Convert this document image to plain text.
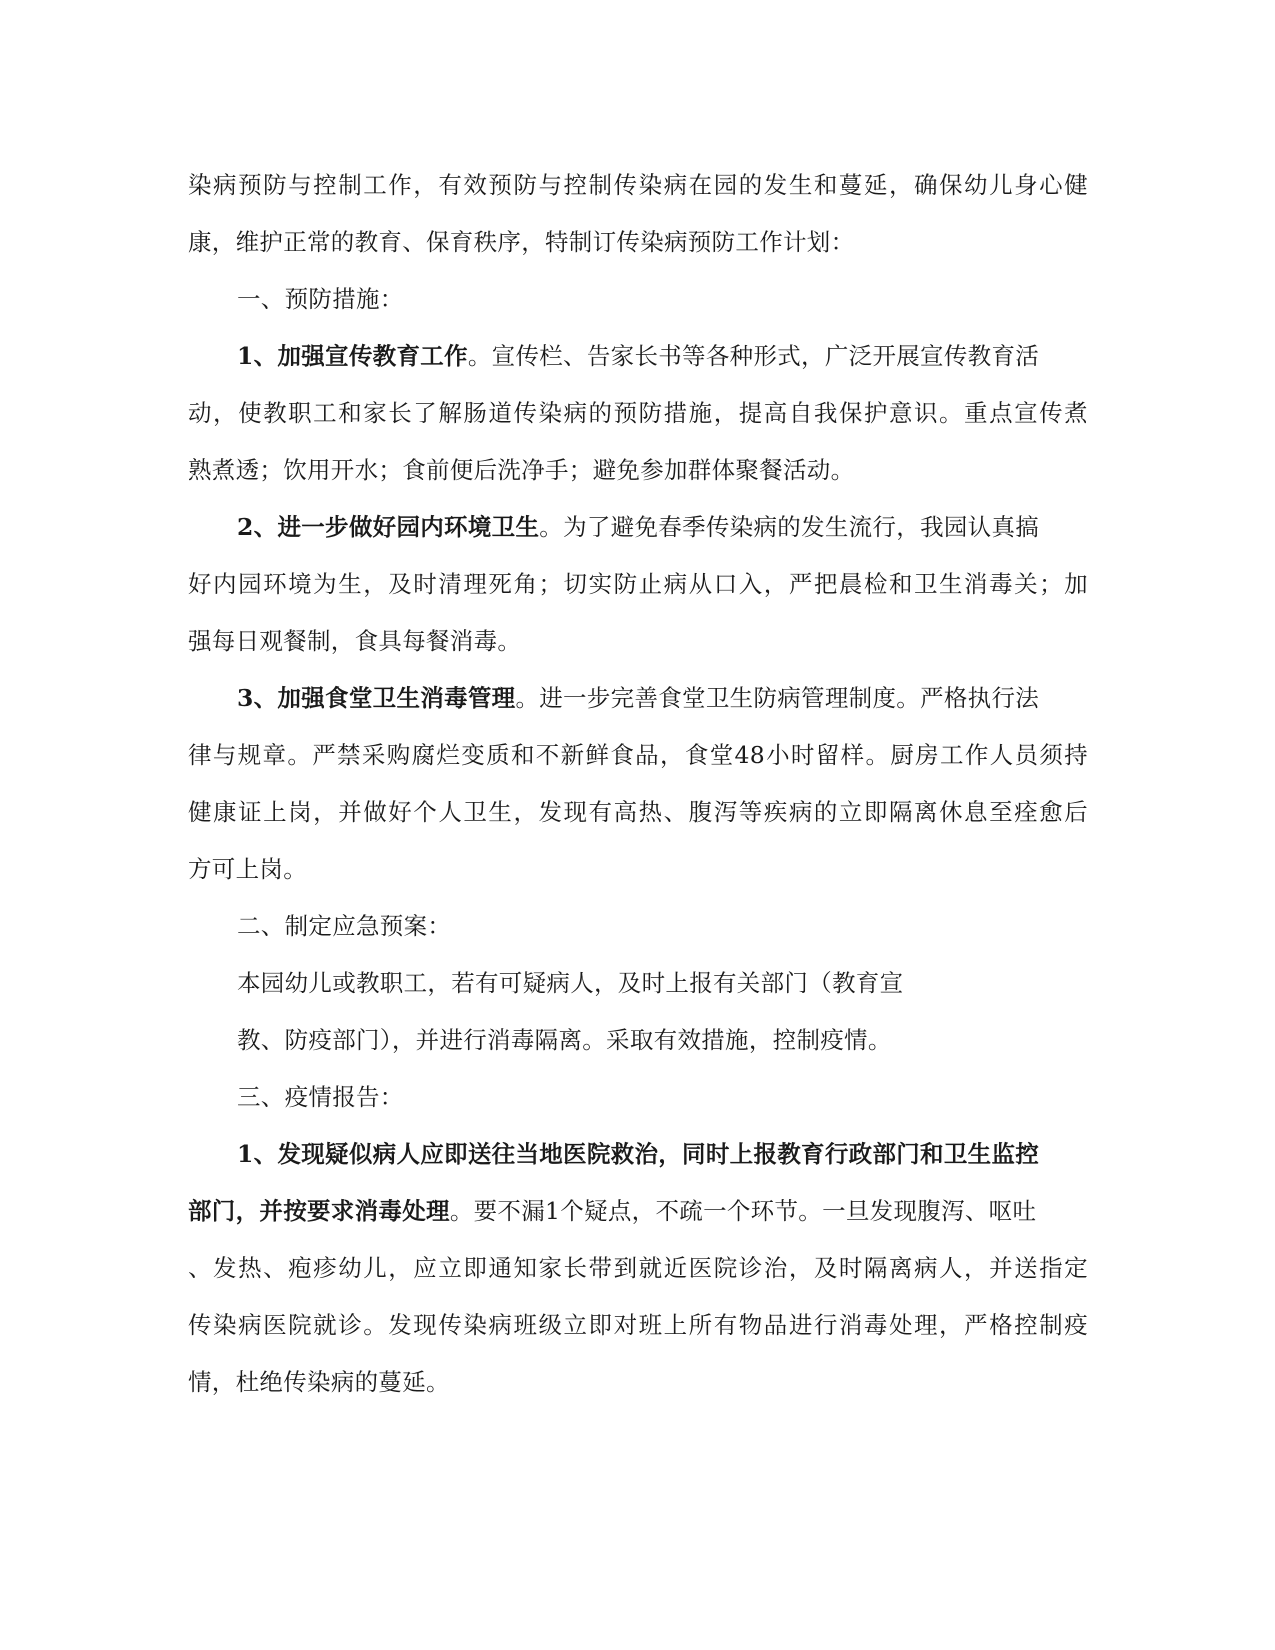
染病预防与控制工作，有效预防与控制传染病在园的发生和蔓延，确保幼儿身心健
康，维护正常的教育、保育秩序，特制订传染病预防工作计划：
一、预防措施：
1、加强宣传教育工作。宣传栏、告家长书等各种形式，广泛开展宣传教育活
动，使教职工和家长了解肠道传染病的预防措施，提高自我保护意识。重点宣传煮
熟煮透；饮用开水；食前便后洗净手；避免参加群体聚餐活动。
2、进一步做好园内环境卫生。为了避免春季传染病的发生流行，我园认真搞
好内园环境为生，及时清理死角；切实防止病从口入，严把晨检和卫生消毒关；加
强每日观餐制，食具每餐消毒。
3、加强食堂卫生消毒管理。进一步完善食堂卫生防病管理制度。严格执行法
律与规章。严禁采购腐烂变质和不新鲜食品，食堂48小时留样。厨房工作人员须持
健康证上岗，并做好个人卫生，发现有高热、腹泻等疾病的立即隔离休息至痊愈后
方可上岗。
二、制定应急预案：
本园幼儿或教职工，若有可疑病人，及时上报有关部门（教育宣
教、防疫部门），并进行消毒隔离。采取有效措施，控制疫情。
三、疫情报告：
1、发现疑似病人应即送往当地医院救治，同时上报教育行政部门和卫生监控
部门，并按要求消毒处理。要不漏1个疑点，不疏一个环节。一旦发现腹泻、呕吐
、发热、疱疹幼儿，应立即通知家长带到就近医院诊治，及时隔离病人，并送指定
传染病医院就诊。发现传染病班级立即对班上所有物品进行消毒处理，严格控制疫
情，杜绝传染病的蔓延。
